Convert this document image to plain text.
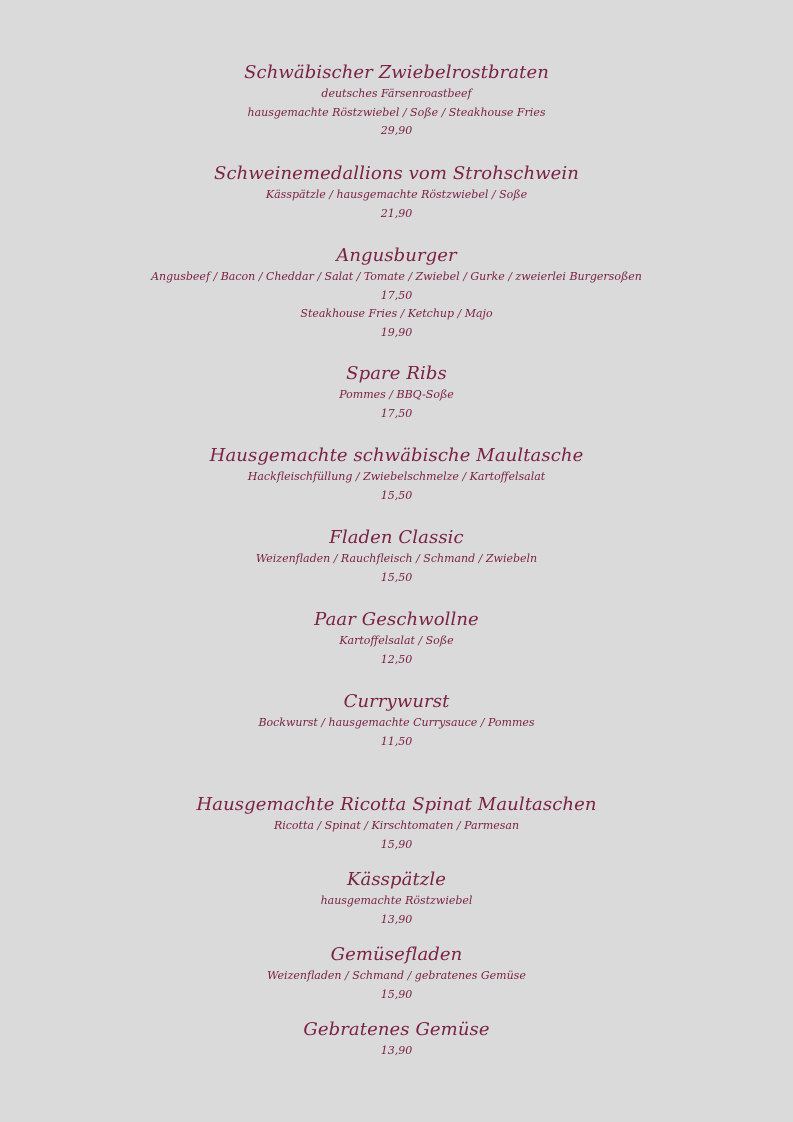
Schwäbischer Zwiebelrostbraten
deutsches Färsenroastbeef
hausgemachte Röstzwiebel / Soße / Steakhouse Fries
29,90
Schweinemedallions vom Strohschwein
Kässpätzle / hausgemachte Röstzwiebel / Soße
21,90
Angusburger
Angusbeef / Bacon / Cheddar / Salat / Tomate / Zwiebel / Gurke / zweierlei Burgersoßen
17,50
Steakhouse Fries / Ketchup / Majo
19,90
Spare Ribs
Pommes / BBQ-Soße
17,50
Hausgemachte schwäbische Maultasche
Hackfleischfüllung / Zwiebelschmelze / Kartoffelsalat
15,50
Fladen Classic
Weizenfladen / Rauchfleisch / Schmand / Zwiebeln
15,50
Paar Geschwollne
Kartoffelsalat / Soße
12,50
Currywurst
Bockwurst / hausgemachte Currysauce / Pommes
11,50
Hausgemachte Ricotta Spinat Maultaschen
Ricotta / Spinat / Kirschtomaten / Parmesan
15,90
Kässpätzle
hausgemachte Röstzwiebel
13,90
Gemüsefladen
Weizenfladen / Schmand / gebratenes Gemüse
15,90
Gebratenes Gemüse
13,90
